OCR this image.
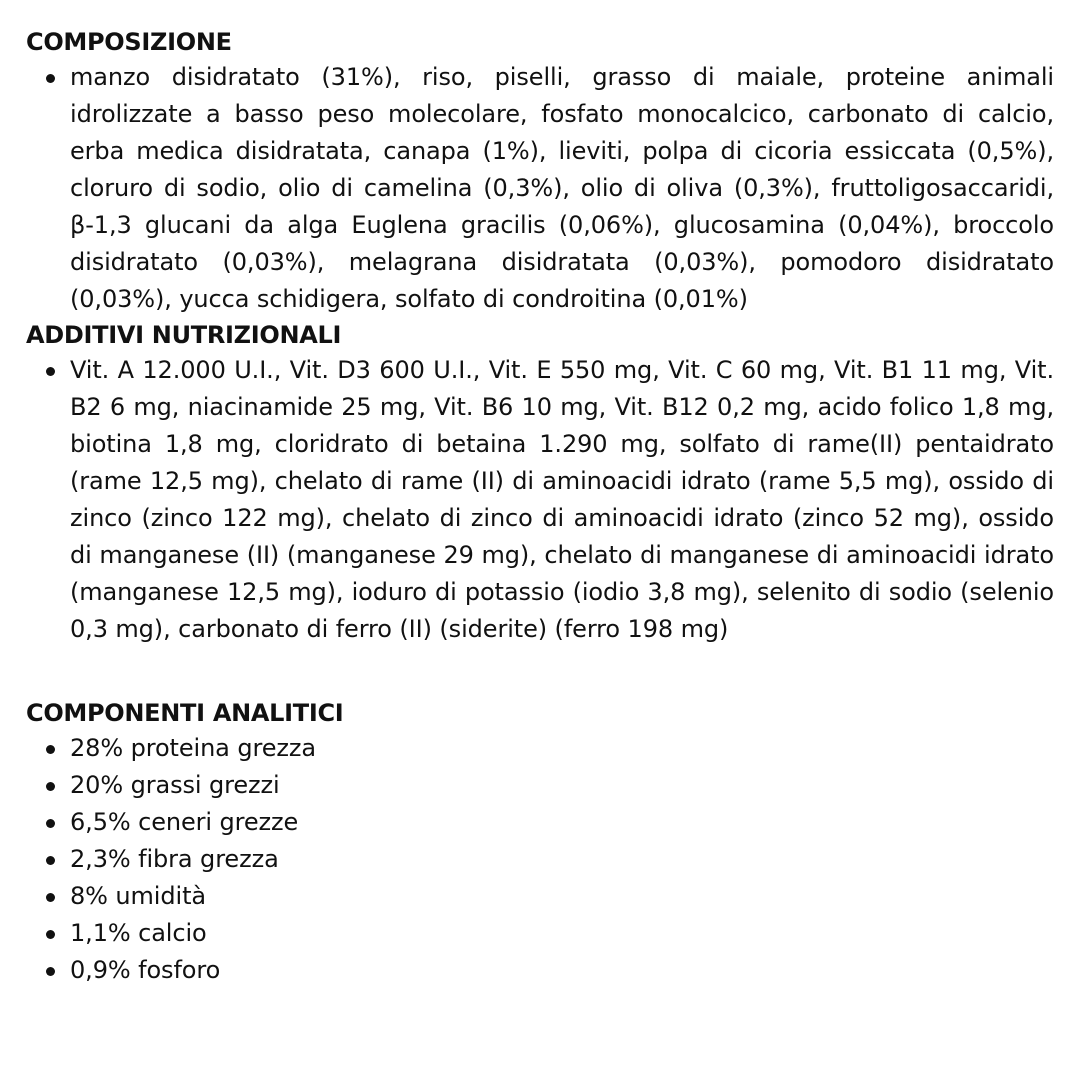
COMPOSIZIONE
manzo disidratato (31%), riso, piselli, grasso di maiale, proteine animali idrolizzate a basso peso molecolare, fosfato monocalcico, carbonato di calcio, erba medica disidratata, canapa (1%), lieviti, polpa di cicoria essiccata (0,5%), cloruro di sodio, olio di camelina (0,3%), olio di oliva (0,3%), fruttoligosaccaridi, β-1,3 glucani da alga Euglena gracilis (0,06%), glucosamina (0,04%), broccolo disidratato (0,03%), melagrana disidratata (0,03%), pomodoro disidratato (0,03%), yucca schidigera, solfato di condroitina (0,01%)
ADDITIVI NUTRIZIONALI
Vit. A 12.000 U.I., Vit. D3 600 U.I., Vit. E 550 mg, Vit. C 60 mg, Vit. B1 11 mg, Vit. B2 6 mg, niacinamide 25 mg, Vit. B6 10 mg, Vit. B12 0,2 mg, acido folico 1,8 mg, biotina 1,8 mg, cloridrato di betaina 1.290 mg, solfato di rame(II) pentaidrato (rame 12,5 mg), chelato di rame (II) di aminoacidi idrato (rame 5,5 mg), ossido di zinco (zinco 122 mg), chelato di zinco di aminoacidi idrato (zinco 52 mg), ossido di manganese (II) (manganese 29 mg), chelato di manganese di aminoacidi idrato (manganese 12,5 mg), ioduro di potassio (iodio 3,8 mg), selenito di sodio (selenio 0,3 mg), carbonato di ferro (II) (siderite) (ferro 198 mg)
COMPONENTI ANALITICI
28% proteina grezza
20% grassi grezzi
6,5% ceneri grezze
2,3% fibra grezza
8% umidità
1,1% calcio
0,9% fosforo
